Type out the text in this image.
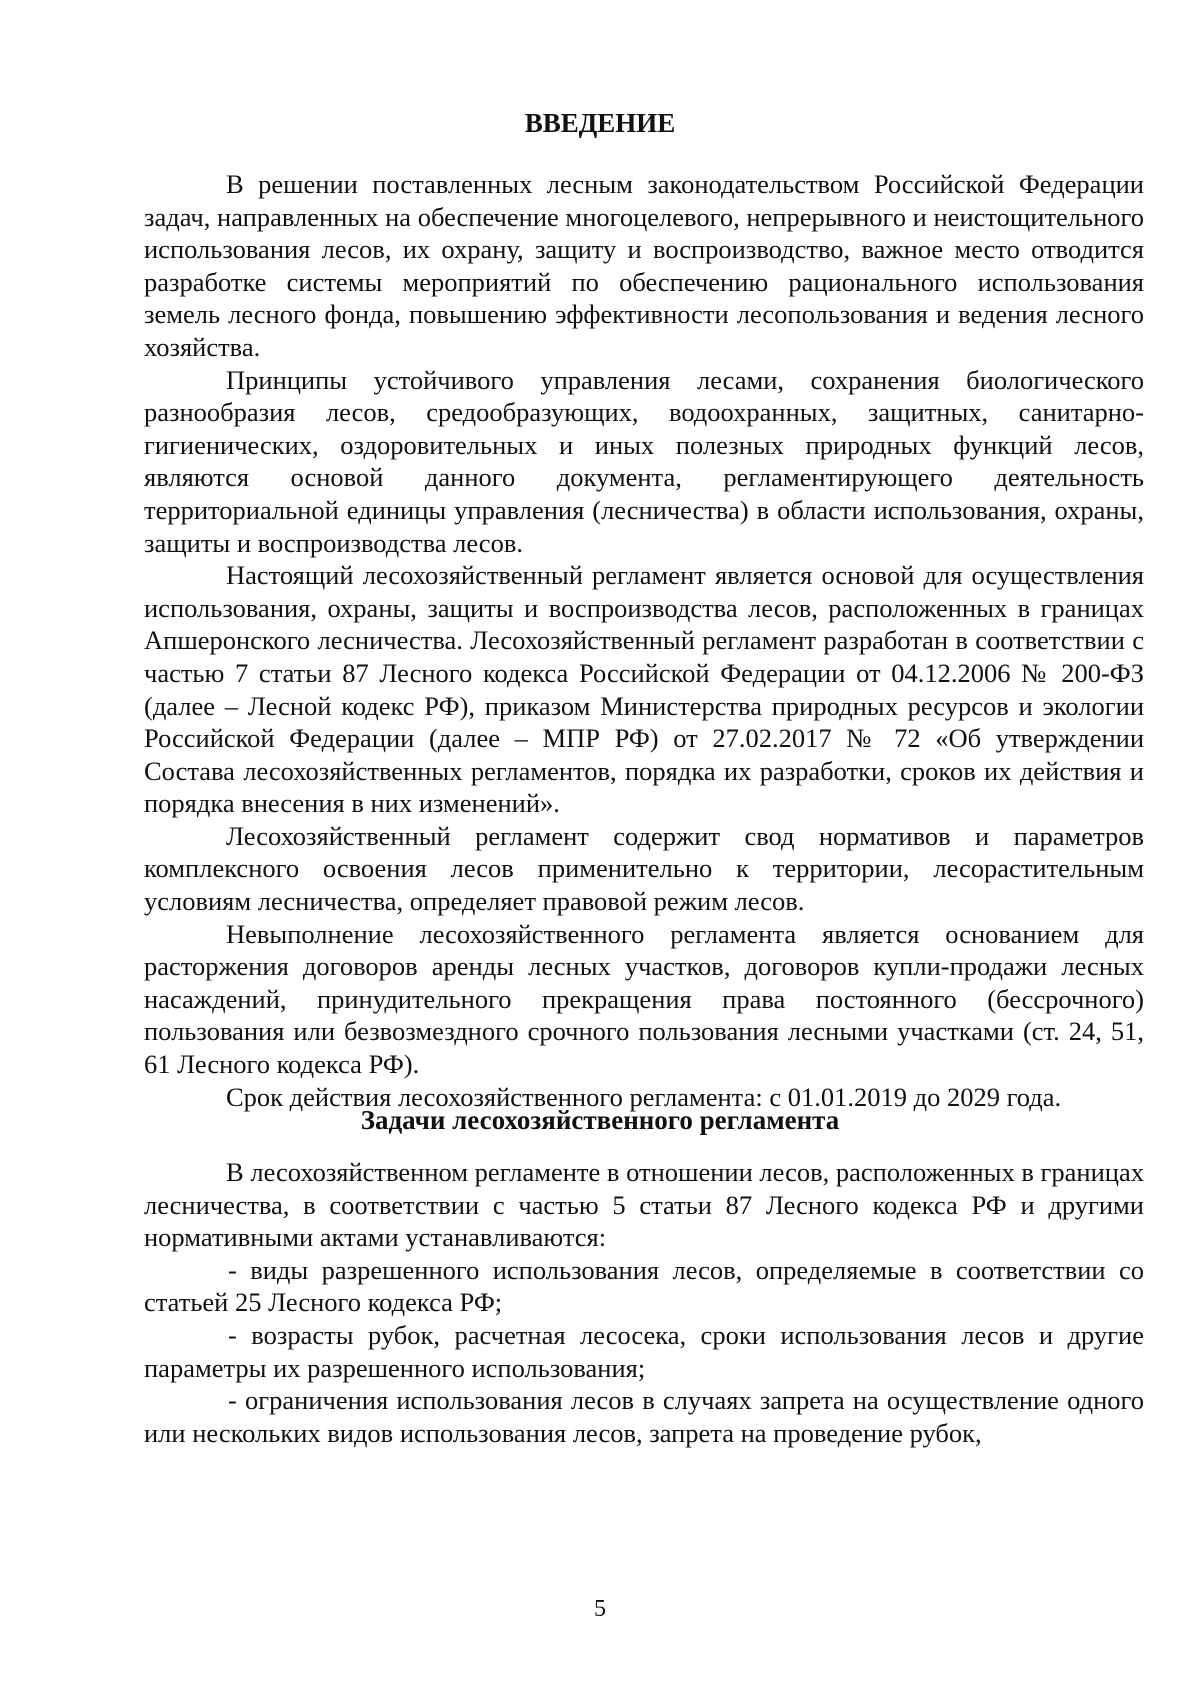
ВВЕДЕНИЕ

В решении поставленных лесным законодательством Российской Федерации задач, направленных на обеспечение многоцелевого, непрерывного и неистощительного использования лесов, их охрану, защиту и воспроизводство, важное место отводится разработке системы мероприятий по обеспечению рационального использования земель лесного фонда, повышению эффективности лесопользования и ведения лесного хозяйства.

Принципы устойчивого управления лесами, сохранения биологического разнообразия лесов, средообразующих, водоохранных, защитных, санитарно-гигиенических, оздоровительных и иных полезных природных функций лесов, являются основой данного документа, регламентирующего деятельность территориальной единицы управления (лесничества) в области использования, охраны, защиты и воспроизводства лесов.

Настоящий лесохозяйственный регламент является основой для осуществления использования, охраны, защиты и воспроизводства лесов, расположенных в границах Апшеронского лесничества. Лесохозяйственный регламент разработан в соответствии с частью 7 статьи 87 Лесного кодекса Российской Федерации от 04.12.2006 № 200-ФЗ (далее – Лесной кодекс РФ), приказом Министерства природных ресурсов и экологии Российской Федерации (далее – МПР РФ) от 27.02.2017 № 72 «Об утверждении Состава лесохозяйственных регламентов, порядка их разработки, сроков их действия и порядка внесения в них изменений».

Лесохозяйственный регламент содержит свод нормативов и параметров комплексного освоения лесов применительно к территории, лесорастительным условиям лесничества, определяет правовой режим лесов.

Невыполнение лесохозяйственного регламента является основанием для расторжения договоров аренды лесных участков, договоров купли-продажи лесных насаждений, принудительного прекращения права постоянного (бессрочного) пользования или безвозмездного срочного пользования лесными участками (ст. 24, 51, 61 Лесного кодекса РФ).

Срок действия лесохозяйственного регламента: с 01.01.2019 до 2029 года.

Задачи лесохозяйственного регламента

В лесохозяйственном регламенте в отношении лесов, расположенных в границах лесничества, в соответствии с частью 5 статьи 87 Лесного кодекса РФ и другими нормативными актами устанавливаются:

- виды разрешенного использования лесов, определяемые в соответствии со статьей 25 Лесного кодекса РФ;

- возрасты рубок, расчетная лесосека, сроки использования лесов и другие параметры их разрешенного использования;

- ограничения использования лесов в случаях запрета на осуществление одного или нескольких видов использования лесов, запрета на проведение рубок,

5
